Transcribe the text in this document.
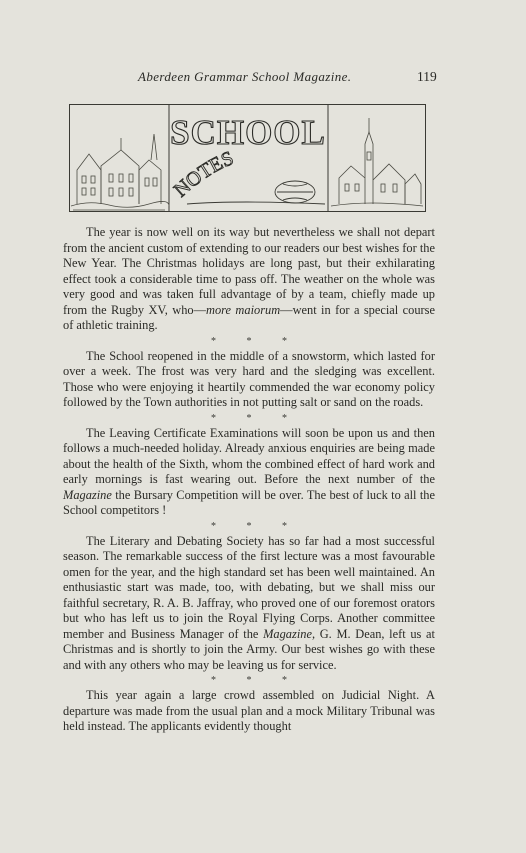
Aberdeen Grammar School Magazine.	119
SCHOOL
NOTES

The year is now well on its way but nevertheless we shall not depart from the ancient custom of extending to our readers our best wishes for the New Year. The Christmas holidays are long past, but their exhilarating effect took a considerable time to pass off. The weather on the whole was very good and was taken full advantage of by a team, chiefly made up from the Rugby XV, who—more maiorum—went in for a special course of athletic training.

* * *

The School reopened in the middle of a snowstorm, which lasted for over a week. The frost was very hard and the sledging was excellent. Those who were enjoying it heartily commended the war economy policy followed by the Town authorities in not putting salt or sand on the roads.

* * *

The Leaving Certificate Examinations will soon be upon us and then follows a much-needed holiday. Already anxious enquiries are being made about the health of the Sixth, whom the combined effect of hard work and early mornings is fast wearing out. Before the next number of the Magazine the Bursary Competition will be over. The best of luck to all the School competitors !

* * *

The Literary and Debating Society has so far had a most successful season. The remarkable success of the first lecture was a most favourable omen for the year, and the high standard set has been well maintained. An enthusiastic start was made, too, with debating, but we shall miss our faithful secretary, R. A. B. Jaffray, who proved one of our foremost orators but who has left us to join the Royal Flying Corps. Another committee member and Business Manager of the Magazine, G. M. Dean, left us at Christmas and is shortly to join the Army. Our best wishes go with these and with any others who may be leaving us for service.

* * *

This year again a large crowd assembled on Judicial Night. A departure was made from the usual plan and a mock Military Tribunal was held instead. The applicants evidently thought
